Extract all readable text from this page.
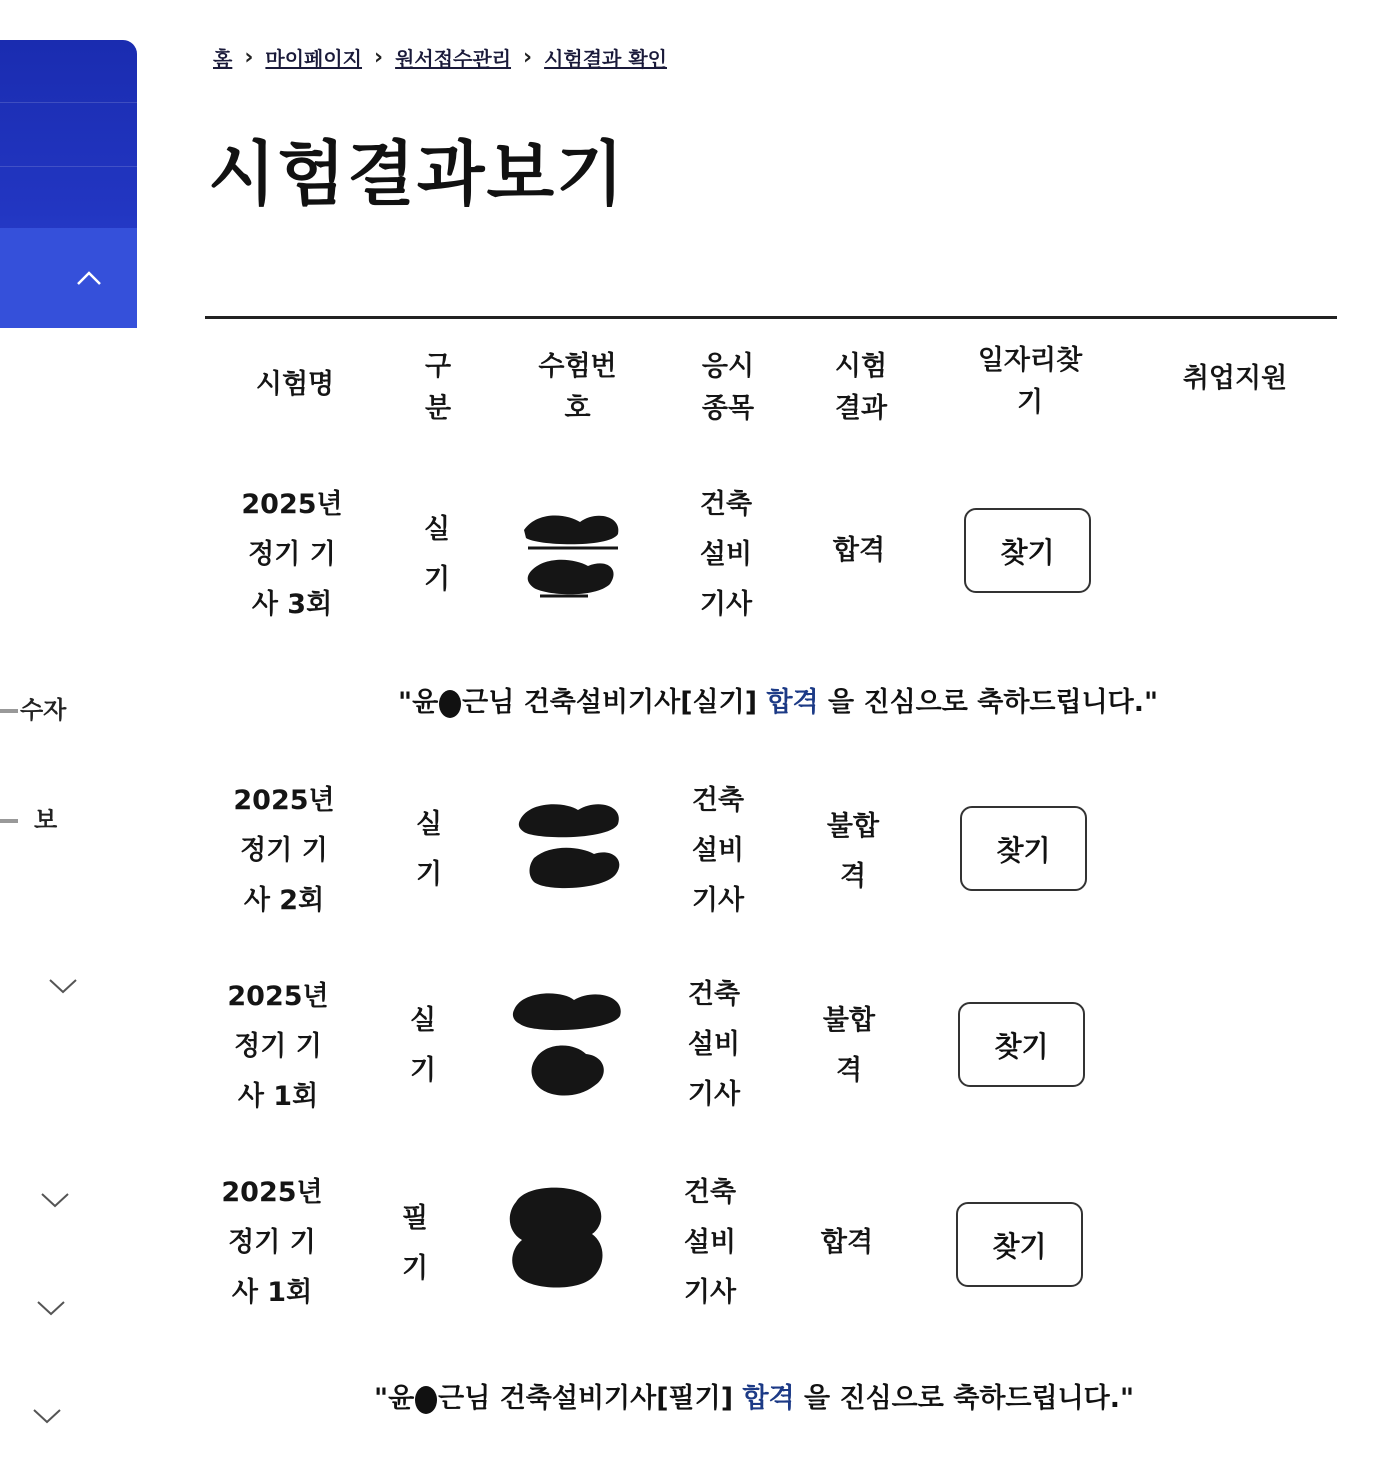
수자
보
홈 › 마이페이지 › 원서접수관리 › 시험결과 확인
시험결과보기
시험명
구분
수험번호
응시종목
시험결과
일자리찾기
취업지원
2025년 정기 기사 3회
실기
건축설비기사
합격	찾기
"윤 근님 건축설비기사[실기] 합격 을 진심으로 축하드립니다."
2025년 정기 기사 2회
실기
건축설비기사
불합격
찾기
2025년 정기 기사 1회
실기
건축설비기사
불합격
찾기
2025년 정기 기사 1회
필기
건축설비기사
합격	찾기
"윤 근님 건축설비기사[필기] 합격 을 진심으로 축하드립니다."
